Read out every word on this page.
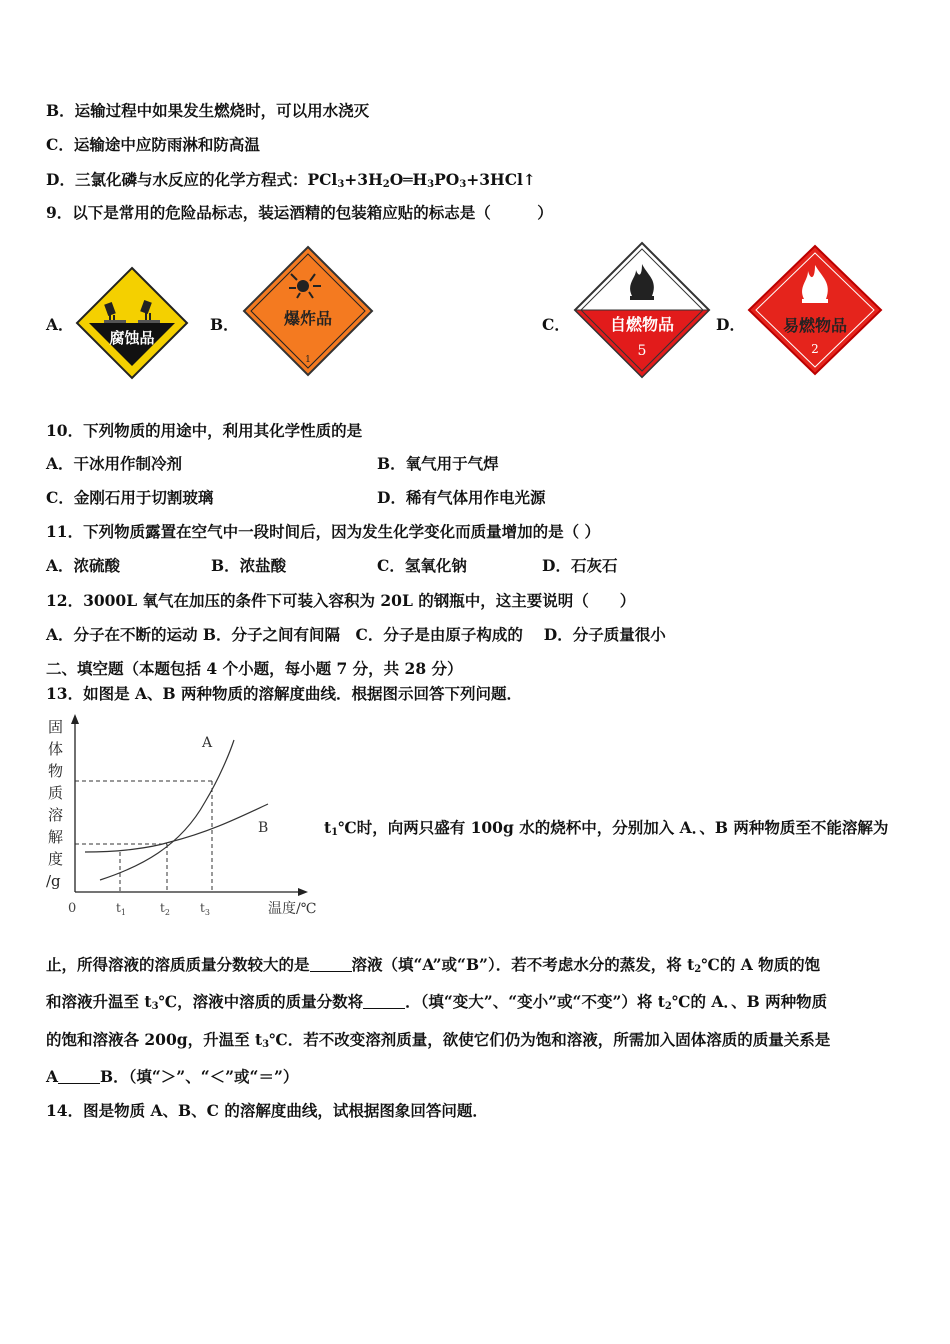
B．运输过程中如果发生燃烧时，可以用水浇灭
C．运输途中应防雨淋和防高温
D．三氯化磷与水反应的化学方程式：$PCl_3+3H_2O═H_3PO_3+3HCl↑$
9．以下是常用的危险品标志，装运酒精的包装箱应贴的标志是（　　　）
A．
腐蚀品
B．	爆炸品
1
C．	自燃物品
5
D． 易燃物品
2
10．下列物质的用途中，利用其化学性质的是
A．干冰用作制冷剂	B．氧气用于气焊
C．金刚石用于切割玻璃	D．稀有气体用作电光源
11．下列物质露置在空气中一段时间后，因为发生化学变化而质量增加的是（ ）
A．浓硫酸	B．浓盐酸	C．氢氧化钠	D．石灰石
12．3000L 氧气在加压的条件下可装入容积为 20L 的钢瓶中，这主要说明（　　）
A．分子在不断的运动 B．分子之间有间隔　C．分子是由原子构成的　 D．分子质量很小
二、填空题（本题包括 4 个小题，每小题 7 分，共 28 分）
13．如图是 A、B 两种物质的溶解度曲线．根据图示回答下列问题．
固
体
物
质
溶
解
度
/g
0	$t_1$	$t_2$	$t_3$	温度/℃
A
B	$t_1℃$时，向两只盛有 100g 水的烧杯中，分别加入 A．、B 两种物质至不能溶解为
止，所得溶液的溶质质量分数较大的是	溶液（填“A”或“B”）．若不考虑水分的蒸发，将 $t_2℃$的 A 物质的饱
和溶液升温至 $t_3℃$，溶液中溶质的质量分数将	．（填“变大”、“变小”或“不变”）将 $t_2℃$的 A．、B 两种物质
的饱和溶液各 200g，升温至 $t_3℃$．若不改变溶剂质量，欲使它们仍为饱和溶液，所需加入固体溶质的质量关系是
A	B．（填“＞”、“＜”或“＝”）
14．图是物质 A、B、C 的溶解度曲线，试根据图象回答问题．
